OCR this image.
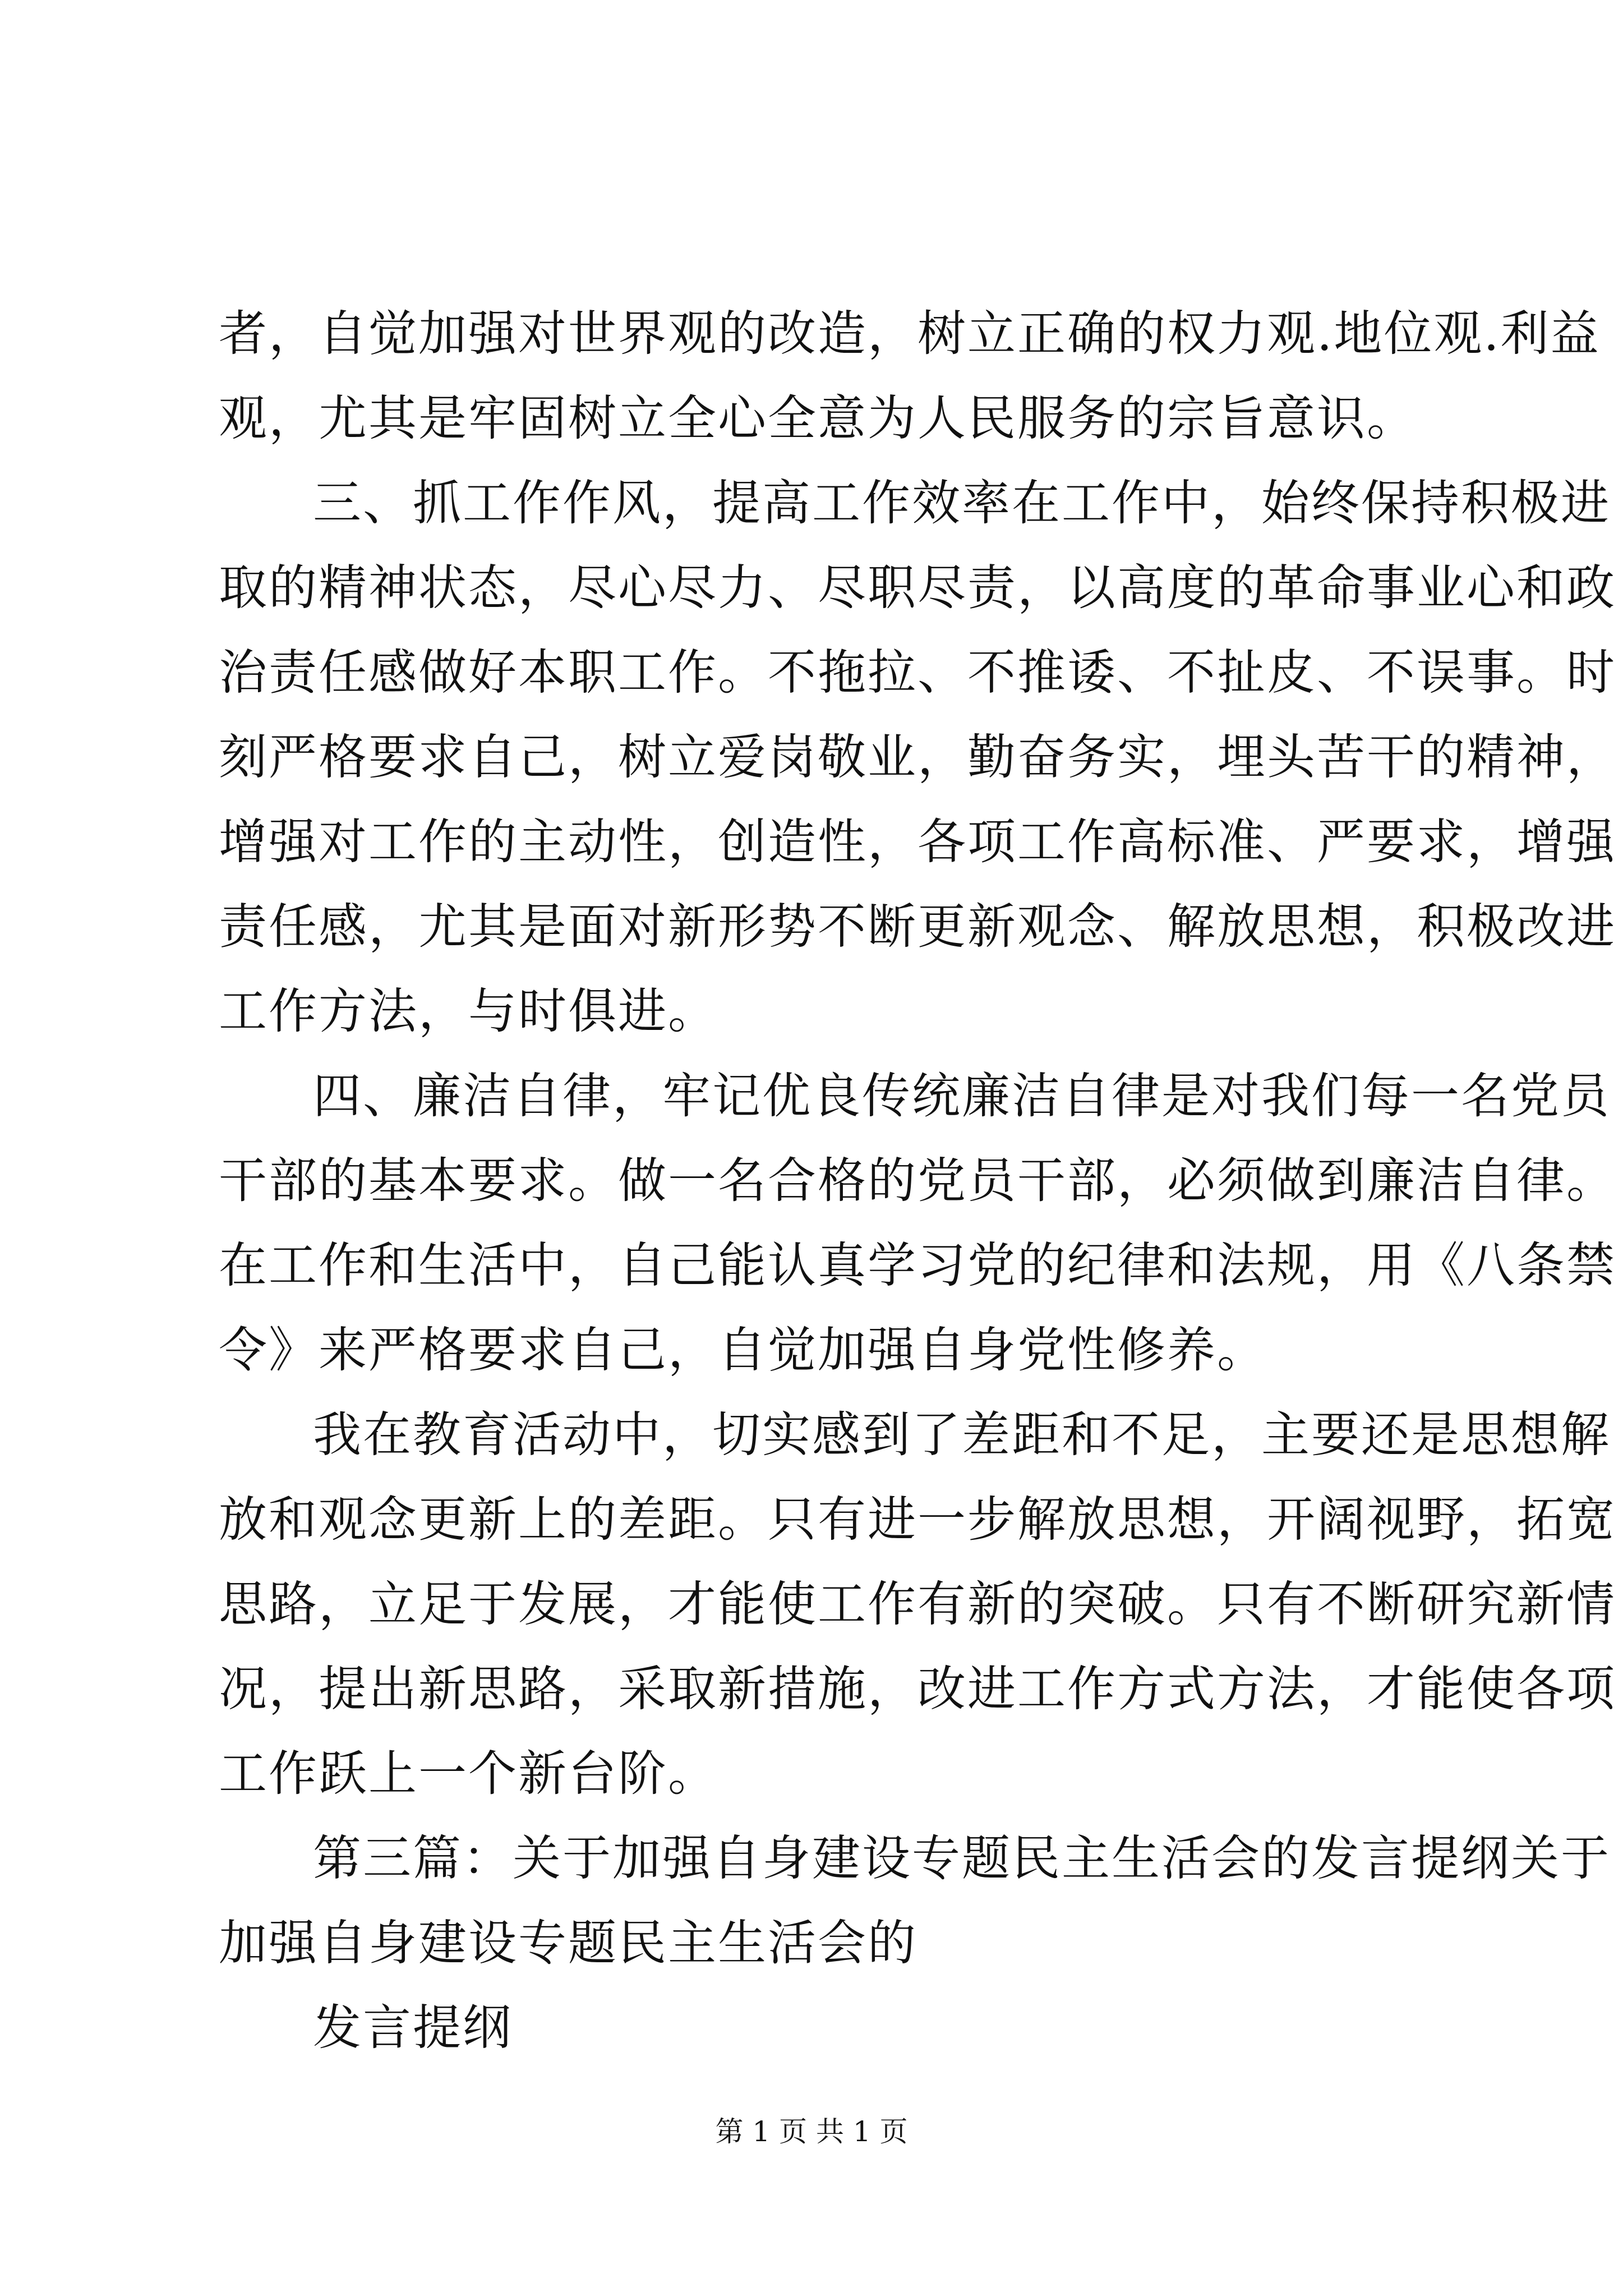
者，自觉加强对世界观的改造，树立正确的权力观.地位观.利益
观，尤其是牢固树立全心全意为人民服务的宗旨意识。
三、抓工作作风，提高工作效率在工作中，始终保持积极进
取的精神状态，尽心尽力、尽职尽责，以高度的革命事业心和政
治责任感做好本职工作。不拖拉、不推诿、不扯皮、不误事。时
刻严格要求自己，树立爱岗敬业，勤奋务实，埋头苦干的精神，
增强对工作的主动性，创造性，各项工作高标准、严要求，增强
责任感，尤其是面对新形势不断更新观念、解放思想，积极改进
工作方法，与时俱进。
四、廉洁自律，牢记优良传统廉洁自律是对我们每一名党员
干部的基本要求。做一名合格的党员干部，必须做到廉洁自律。
在工作和生活中，自己能认真学习党的纪律和法规，用《八条禁
令》来严格要求自己，自觉加强自身党性修养。
我在教育活动中，切实感到了差距和不足，主要还是思想解
放和观念更新上的差距。只有进一步解放思想，开阔视野，拓宽
思路，立足于发展，才能使工作有新的突破。只有不断研究新情
况，提出新思路，采取新措施，改进工作方式方法，才能使各项
工作跃上一个新台阶。
第三篇：关于加强自身建设专题民主生活会的发言提纲关于
加强自身建设专题民主生活会的
发言提纲
第 1 页 共 1 页
